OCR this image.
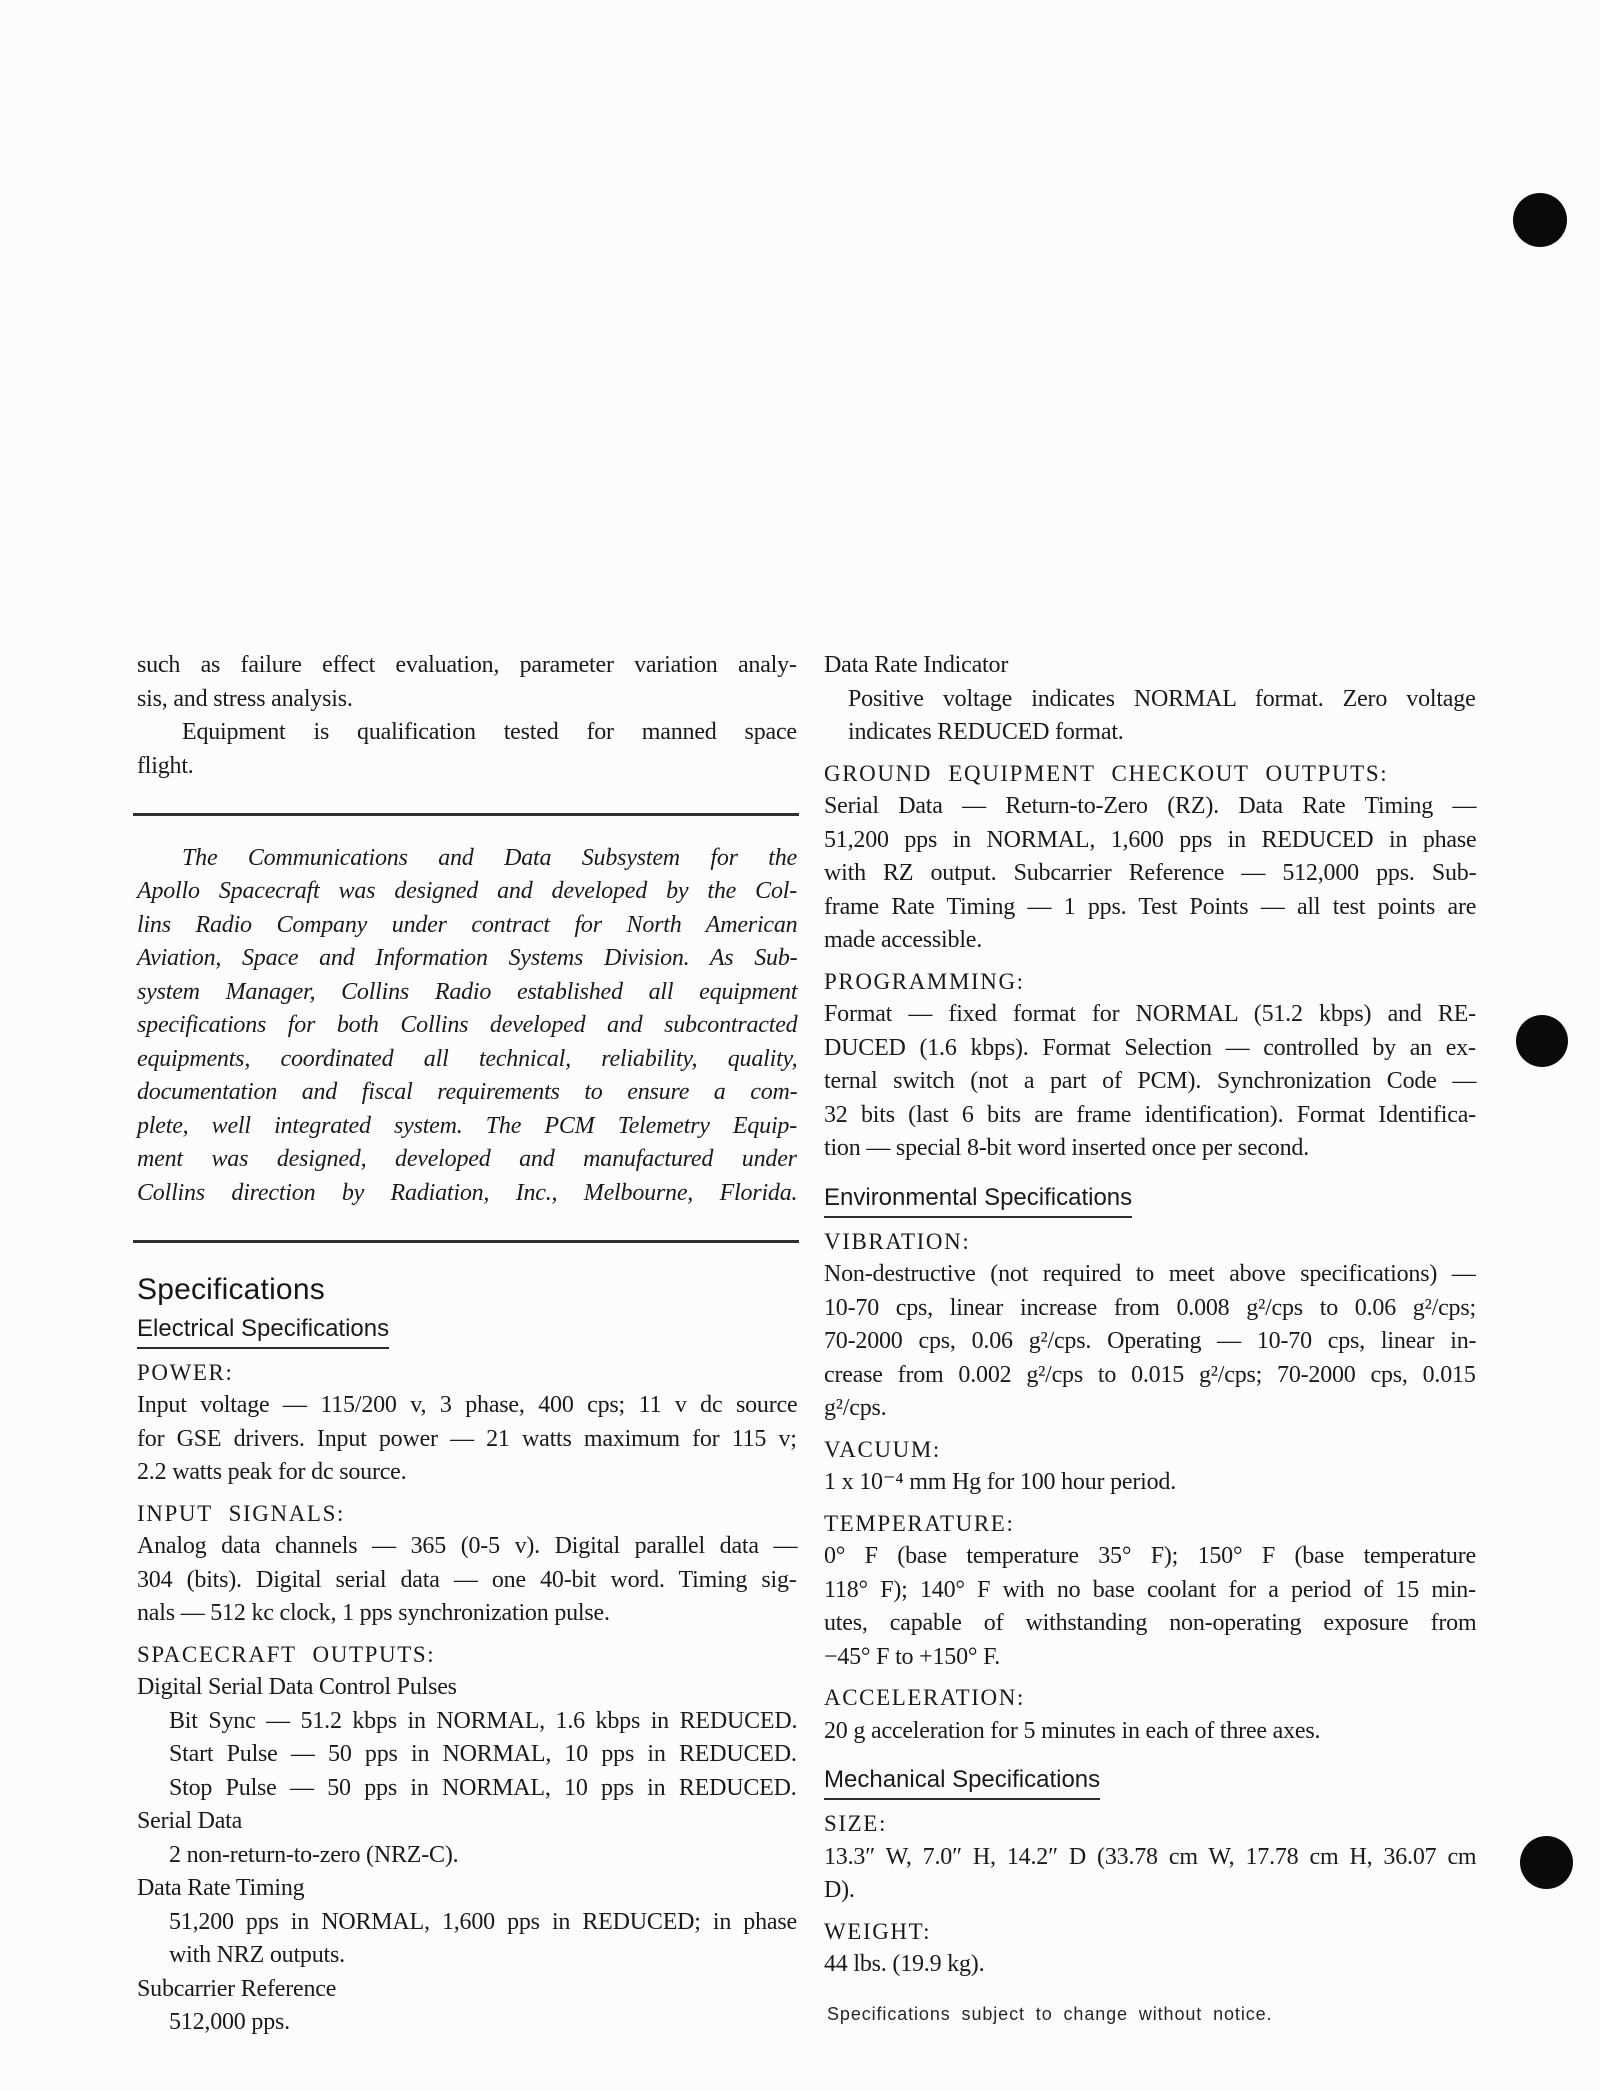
such as failure effect evaluation, parameter variation analy-
sis, and stress analysis.
Equipment is qualification tested for manned space
flight.
The Communications and Data Subsystem for the
Apollo Spacecraft was designed and developed by the Col-
lins Radio Company under contract for North American
Aviation, Space and Information Systems Division. As Sub-
system Manager, Collins Radio established all equipment
specifications for both Collins developed and subcontracted
equipments, coordinated all technical, reliability, quality,
documentation and fiscal requirements to ensure a com-
plete, well integrated system. The PCM Telemetry Equip-
ment was designed, developed and manufactured under
Collins direction by Radiation, Inc., Melbourne, Florida.
Specifications
Electrical Specifications
POWER:
Input voltage — 115/200 v, 3 phase, 400 cps; 11 v dc source
for GSE drivers. Input power — 21 watts maximum for 115 v;
2.2 watts peak for dc source.
INPUT SIGNALS:
Analog data channels — 365 (0-5 v). Digital parallel data —
304 (bits). Digital serial data — one 40-bit word. Timing sig-
nals — 512 kc clock, 1 pps synchronization pulse.
SPACECRAFT OUTPUTS:
Digital Serial Data Control Pulses
Bit Sync — 51.2 kbps in NORMAL, 1.6 kbps in REDUCED.
Start Pulse — 50 pps in NORMAL, 10 pps in REDUCED.
Stop Pulse — 50 pps in NORMAL, 10 pps in REDUCED.
Serial Data
2 non-return-to-zero (NRZ-C).
Data Rate Timing
51,200 pps in NORMAL, 1,600 pps in REDUCED; in phase
with NRZ outputs.
Subcarrier Reference
512,000 pps.
Data Rate Indicator
Positive voltage indicates NORMAL format. Zero voltage
indicates REDUCED format.
GROUND EQUIPMENT CHECKOUT OUTPUTS:
Serial Data — Return-to-Zero (RZ). Data Rate Timing —
51,200 pps in NORMAL, 1,600 pps in REDUCED in phase
with RZ output. Subcarrier Reference — 512,000 pps. Sub-
frame Rate Timing — 1 pps. Test Points — all test points are
made accessible.
PROGRAMMING:
Format — fixed format for NORMAL (51.2 kbps) and RE-
DUCED (1.6 kbps). Format Selection — controlled by an ex-
ternal switch (not a part of PCM). Synchronization Code —
32 bits (last 6 bits are frame identification). Format Identifica-
tion — special 8-bit word inserted once per second.
Environmental Specifications
VIBRATION:
Non-destructive (not required to meet above specifications) —
10-70 cps, linear increase from 0.008 g²/cps to 0.06 g²/cps;
70-2000 cps, 0.06 g²/cps. Operating — 10-70 cps, linear in-
crease from 0.002 g²/cps to 0.015 g²/cps; 70-2000 cps, 0.015
g²/cps.
VACUUM:
1 x 10⁻⁴ mm Hg for 100 hour period.
TEMPERATURE:
0° F (base temperature 35° F); 150° F (base temperature
118° F); 140° F with no base coolant for a period of 15 min-
utes, capable of withstanding non-operating exposure from
−45° F to +150° F.
ACCELERATION:
20 g acceleration for 5 minutes in each of three axes.
Mechanical Specifications
SIZE:
13.3″ W, 7.0″ H, 14.2″ D (33.78 cm W, 17.78 cm H, 36.07 cm
D).
WEIGHT:
44 lbs. (19.9 kg).
Specifications subject to change without notice.
